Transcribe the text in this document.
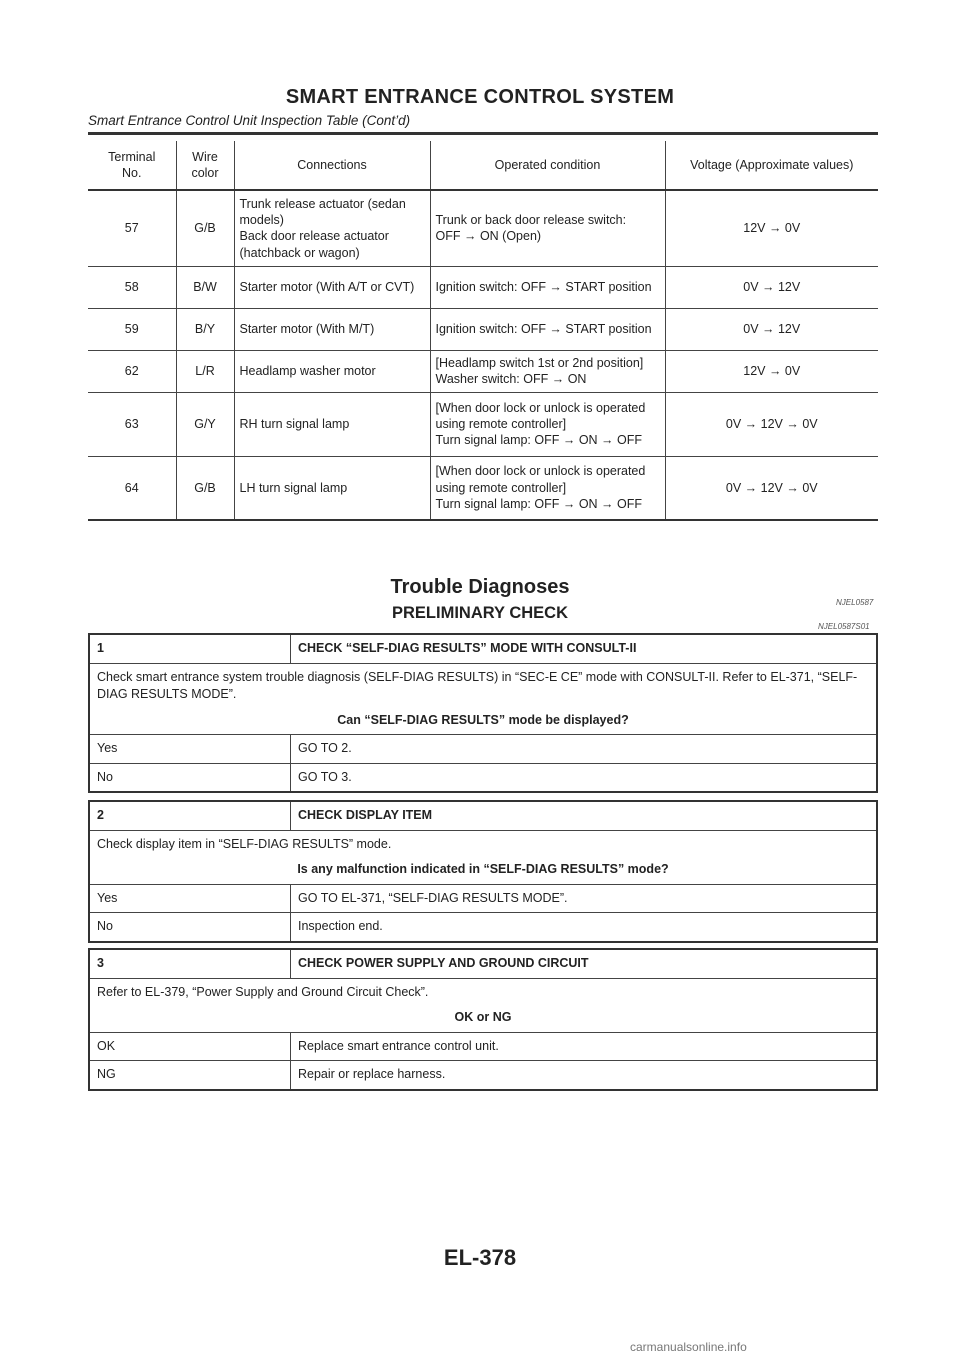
SMART ENTRANCE CONTROL SYSTEM
Smart Entrance Control Unit Inspection Table (Cont’d)
Terminal No.	Wire color	Connections	Operated condition	Voltage (Approximate values)
57	G/B	Trunk release actuator (sedan models)
Back door release actuator (hatchback or wagon)	Trunk or back door release switch:
OFF → ON (Open)	12V → 0V
58	B/W	Starter motor (With A/T or CVT)	Ignition switch: OFF → START position	0V → 12V
59	B/Y	Starter motor (With M/T)	Ignition switch: OFF → START position	0V → 12V
62	L/R	Headlamp washer motor	[Headlamp switch 1st or 2nd position]
Washer switch: OFF → ON	12V → 0V
63	G/Y	RH turn signal lamp	[When door lock or unlock is operated using remote controller]
Turn signal lamp: OFF → ON → OFF	0V → 12V → 0V
64	G/B	LH turn signal lamp	[When door lock or unlock is operated using remote controller]
Turn signal lamp: OFF → ON → OFF	0V → 12V → 0V
Trouble Diagnoses
NJEL0587
PRELIMINARY CHECK
NJEL0587S01
1	CHECK “SELF-DIAG RESULTS” MODE WITH CONSULT-II
Check smart entrance system trouble diagnosis (SELF-DIAG RESULTS) in “SEC-E CE” mode with CONSULT-II. Refer to EL-371, “SELF-DIAG RESULTS MODE”.	
Can “SELF-DIAG RESULTS” mode be displayed?	
Yes	GO TO 2.
No	GO TO 3.
2	CHECK DISPLAY ITEM
Check display item in “SELF-DIAG RESULTS” mode.	
Is any malfunction indicated in “SELF-DIAG RESULTS” mode?	
Yes	GO TO EL-371, “SELF-DIAG RESULTS MODE”.
No	Inspection end.
3	CHECK POWER SUPPLY AND GROUND CIRCUIT
Refer to EL-379, “Power Supply and Ground Circuit Check”.	
OK or NG	
OK	Replace smart entrance control unit.
NG	Repair or replace harness.
EL-378
carmanualsonline.info
